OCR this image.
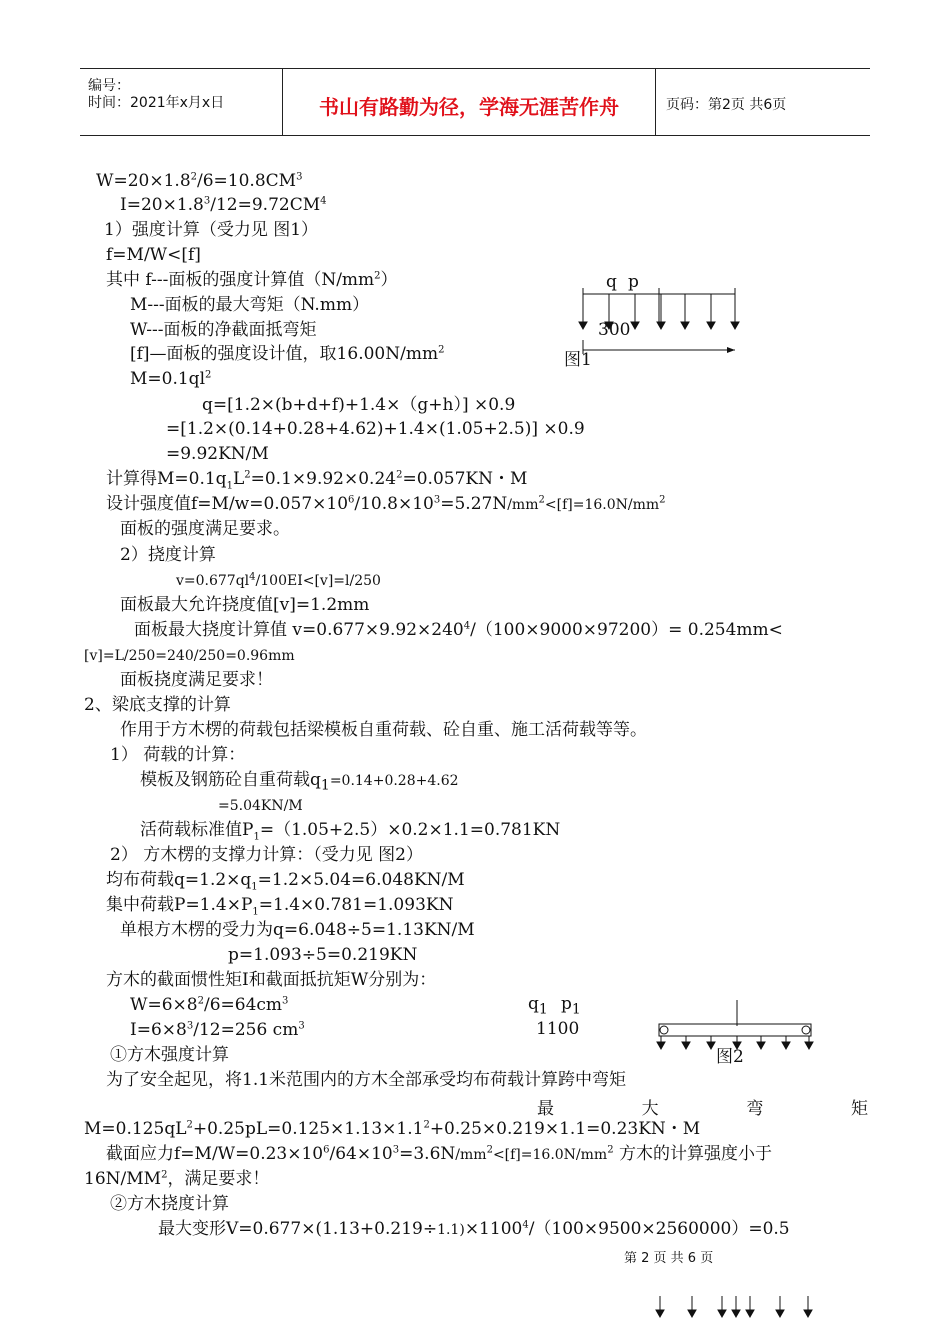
编号：
时间：2021年x月x日	书山有路勤为径，学海无涯苦作舟	页码：第2页 共6页
$W=20\times 1.8^2/6=10.8CM^3$
$I=20\times 1.8^3/12=9.72CM^4$
1）强度计算（受力见 图1）
f=M/W<[f]
其中 f---面板的强度计算值$(N/mm^2)$
M---面板的最大弯矩（N.mm）
W---面板的净截面抵弯矩
[f]—面板的强度设计值，取$16.00N/mm^2$
$M=0.1ql^2$
q=[1.2×(b+d+f)+1.4×（g+h）] ×0.9
=[1.2×(0.14+0.28+4.62)+1.4×(1.05+2.5)] ×0.9
=9.92KN/M
计算得$M=0.1q_1L^2=0.1\times 9.92\times 0.24^2=0.057KN$・M
设计强度值$f=M/w=0.057\times 10^6/10.8\times 10^3=5.27N/mm^2<[f]=16.0N/mm^2$
面板的强度满足要求。
2）挠度计算
$v=0.677ql^4/100EI<[v]=l/250$
面板最大允许挠度值[v]=1.2mm
面板最大挠度计算值 $v=0.677\times 9.92\times 240^4/(100\times 9000\times 97200)= 0.254mm<$
[v]=L/250=240/250=0.96mm
面板挠度满足要求！
2、梁底支撑的计算
作用于方木楞的荷载包括梁模板自重荷载、砼自重、施工活荷载等等。
1） 荷载的计算：
模板及钢筋砼自重荷载$q_1=0.14+0.28+4.62$
=5.04KN/M
活荷载标准值$P_1=(1.05+2.5)\times 0.2\times 1.1=0.781KN$
2） 方木楞的支撑力计算：（受力见 图2）
均布荷载$q=1.2\times q_1=1.2\times 5.04=6.048KN/M$
集中荷载$P=1.4\times P_1=1.4\times 0.781=1.093KN$
单根方木楞的受力为q=6.048÷5=1.13KN/M
p=1.093÷5=0.219KN
方木的截面惯性矩I和截面抵抗矩W分别为：
$W=6\times 8^2/6=64cm^3$
$I=6\times 8^3/12=256$ $cm^3$
①方木强度计算
为了安全起见，将1.1米范围内的方木全部承受均布荷载计算跨中弯矩
最	大	弯	矩
$M=0.125qL^2+0.25pL=0.125\times 1.13\times 1.1^2+0.25\times 0.219\times 1.1=0.23KN$・M
截面应力$f=M/W=0.23\times 10^6/64\times 10^3=3.6N/mm^2<[f]=16.0N/mm^2$ 方木的计算强度小于
$16N/MM^2$，满足要求！
②方木挠度计算
最大变形$V=0.677\times(1.13+0.219\div 1.1)\times 1100^4/(100\times 9500\times 2560000)=0.5$
q p
300
图1
$q_1$ $p_1$
1100
图2
第 2 页 共 6 页
